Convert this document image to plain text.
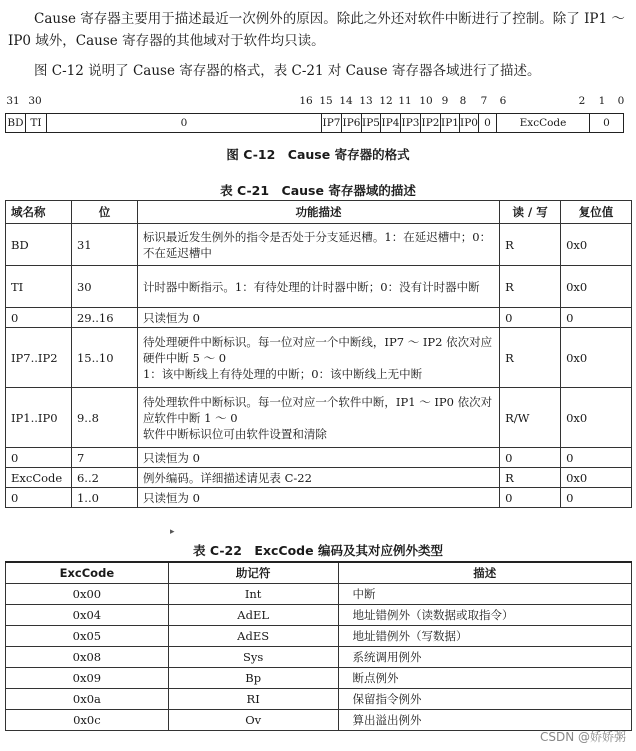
Cause 寄存器主要用于描述最近一次例外的原因。除此之外还对软件中断进行了控制。除了 IP1 ～ IP0 域外，Cause 寄存器的其他域对于软件均只读。

图 C-12 说明了 Cause 寄存器的格式，表 C-21 对 Cause 寄存器各域进行了描述。

31 30	16 15 14 13 12 11 10 9 8 7 6	2 1 0
BD TI	0	IP7 IP6 IP5 IP4 IP3 IP2 IP1 IP0 0	ExcCode	0
图 C-12　Cause 寄存器的格式
表 C-21　Cause 寄存器域的描述
域名称	位	功能描述	读 / 写	复位值
BD	31	标识最近发生例外的指令是否处于分支延迟槽。1：在延迟槽中；0：不在延迟槽中	R	0x0
TI	30	计时器中断指示。1：有待处理的计时器中断；0：没有计时器中断	R	0x0
0	29..16	只读恒为 0	0	0
IP7..IP2	15..10	待处理硬件中断标识。每一位对应一个中断线，IP7 ～ IP2 依次对应硬件中断 5 ～ 0
1：该中断线上有待处理的中断；0：该中断线上无中断	R	0x0
IP1..IP0	9..8	待处理软件中断标识。每一位对应一个软件中断，IP1 ～ IP0 依次对应软件中断 1 ～ 0
软件中断标识位可由软件设置和清除	R/W	0x0
0	7	只读恒为 0	0	0
ExcCode	6..2	例外编码。详细描述请见表 C-22	R	0x0
0	1..0	只读恒为 0	0	0
▸
表 C-22　ExcCode 编码及其对应例外类型
ExcCode	助记符	描述
0x00	Int	中断
0x04	AdEL	地址错例外（读数据或取指令）
0x05	AdES	地址错例外（写数据）
0x08	Sys	系统调用例外
0x09	Bp	断点例外
0x0a	RI	保留指令例外
0x0c	Ov	算出溢出例外
CSDN @娇娇粥
